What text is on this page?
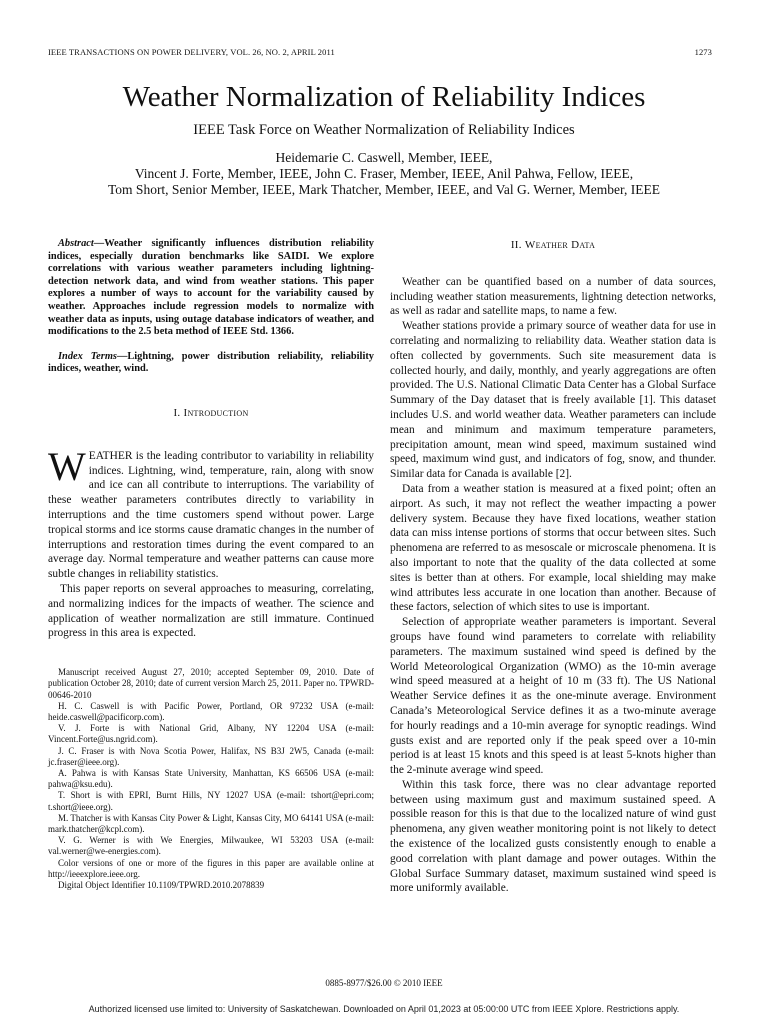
IEEE TRANSACTIONS ON POWER DELIVERY, VOL. 26, NO. 2, APRIL 2011	1273
Weather Normalization of Reliability Indices
IEEE Task Force on Weather Normalization of Reliability Indices
Heidemarie C. Caswell, Member, IEEE,
Vincent J. Forte, Member, IEEE, John C. Fraser, Member, IEEE, Anil Pahwa, Fellow, IEEE,
Tom Short, Senior Member, IEEE, Mark Thatcher, Member, IEEE, and Val G. Werner, Member, IEEE

Abstract—Weather significantly influences distribution reliability indices, especially duration benchmarks like SAIDI. We explore correlations with various weather parameters including lightning-detection network data, and wind from weather stations. This paper explores a number of ways to account for the variability caused by weather. Approaches include regression models to normalize with weather data as inputs, using outage database indicators of weather, and modifications to the 2.5 beta method of IEEE Std. 1366.

Index Terms—Lightning, power distribution reliability, reliability indices, weather, wind.

I. Introduction

WEATHER is the leading contributor to variability in reliability indices. Lightning, wind, temperature, rain, along with snow and ice can all contribute to interruptions. The variability of these weather parameters contributes directly to variability in interruptions and the time customers spend without power. Large tropical storms and ice storms cause dramatic changes in the number of interruptions and restoration times during the event compared to an average day. Normal temperature and weather patterns can cause more subtle changes in reliability statistics.

This paper reports on several approaches to measuring, correlating, and normalizing indices for the impacts of weather. The science and application of weather normalization are still immature. Continued progress in this area is expected.

Manuscript received August 27, 2010; accepted September 09, 2010. Date of publication October 28, 2010; date of current version March 25, 2011. Paper no. TPWRD-00646-2010

H. C. Caswell is with Pacific Power, Portland, OR 97232 USA (e-mail: heide.caswell@pacificorp.com).

V. J. Forte is with National Grid, Albany, NY 12204 USA (e-mail: Vincent.Forte@us.ngrid.com).

J. C. Fraser is with Nova Scotia Power, Halifax, NS B3J 2W5, Canada (e-mail: jc.fraser@ieee.org).

A. Pahwa is with Kansas State University, Manhattan, KS 66506 USA (e-mail: pahwa@ksu.edu).

T. Short is with EPRI, Burnt Hills, NY 12027 USA (e-mail: tshort@epri.com; t.short@ieee.org).

M. Thatcher is with Kansas City Power & Light, Kansas City, MO 64141 USA (e-mail: mark.thatcher@kcpl.com).

V. G. Werner is with We Energies, Milwaukee, WI 53203 USA (e-mail: val.werner@we-energies.com).

Color versions of one or more of the figures in this paper are available online at http://ieeexplore.ieee.org.

Digital Object Identifier 10.1109/TPWRD.2010.2078839

II. Weather Data

Weather can be quantified based on a number of data sources, including weather station measurements, lightning detection networks, as well as radar and satellite maps, to name a few.

Weather stations provide a primary source of weather data for use in correlating and normalizing to reliability data. Weather station data is often collected by governments. Such site measurement data is collected hourly, and daily, monthly, and yearly aggregations are often provided. The U.S. National Climatic Data Center has a Global Surface Summary of the Day dataset that is freely available [1]. This dataset includes U.S. and world weather data. Weather parameters can include mean and minimum and maximum temperature parameters, precipitation amount, mean wind speed, maximum sustained wind speed, maximum wind gust, and indicators of fog, snow, and thunder. Similar data for Canada is available [2].

Data from a weather station is measured at a fixed point; often an airport. As such, it may not reflect the weather impacting a power delivery system. Because they have fixed locations, weather station data can miss intense portions of storms that occur between sites. Such phenomena are referred to as mesoscale or microscale phenomena. It is also important to note that the quality of the data collected at some sites is better than at others. For example, local shielding may make wind attributes less accurate in one location than another. Because of these factors, selection of which sites to use is important.

Selection of appropriate weather parameters is important. Several groups have found wind parameters to correlate with reliability parameters. The maximum sustained wind speed is defined by the World Meteorological Organization (WMO) as the 10-min average wind speed measured at a height of 10 m (33 ft). The US National Weather Service defines it as the one-minute average. Environment Canada’s Meteorological Service defines it as a two-minute average for hourly readings and a 10-min average for synoptic readings. Wind gusts exist and are reported only if the peak speed over a 10-min period is at least 15 knots and this speed is at least 5-knots higher than the 2-minute average wind speed.

Within this task force, there was no clear advantage reported between using maximum gust and maximum sustained speed. A possible reason for this is that due to the localized nature of wind gust phenomena, any given weather monitoring point is not likely to detect the existence of the localized gusts consistently enough to enable a good correlation with plant damage and power outages. Within the Global Surface Summary dataset, maximum sustained wind speed is more uniformly available.

0885-8977/$26.00 © 2010 IEEE
Authorized licensed use limited to: University of Saskatchewan. Downloaded on April 01,2023 at 05:00:00 UTC from IEEE Xplore. Restrictions apply.
